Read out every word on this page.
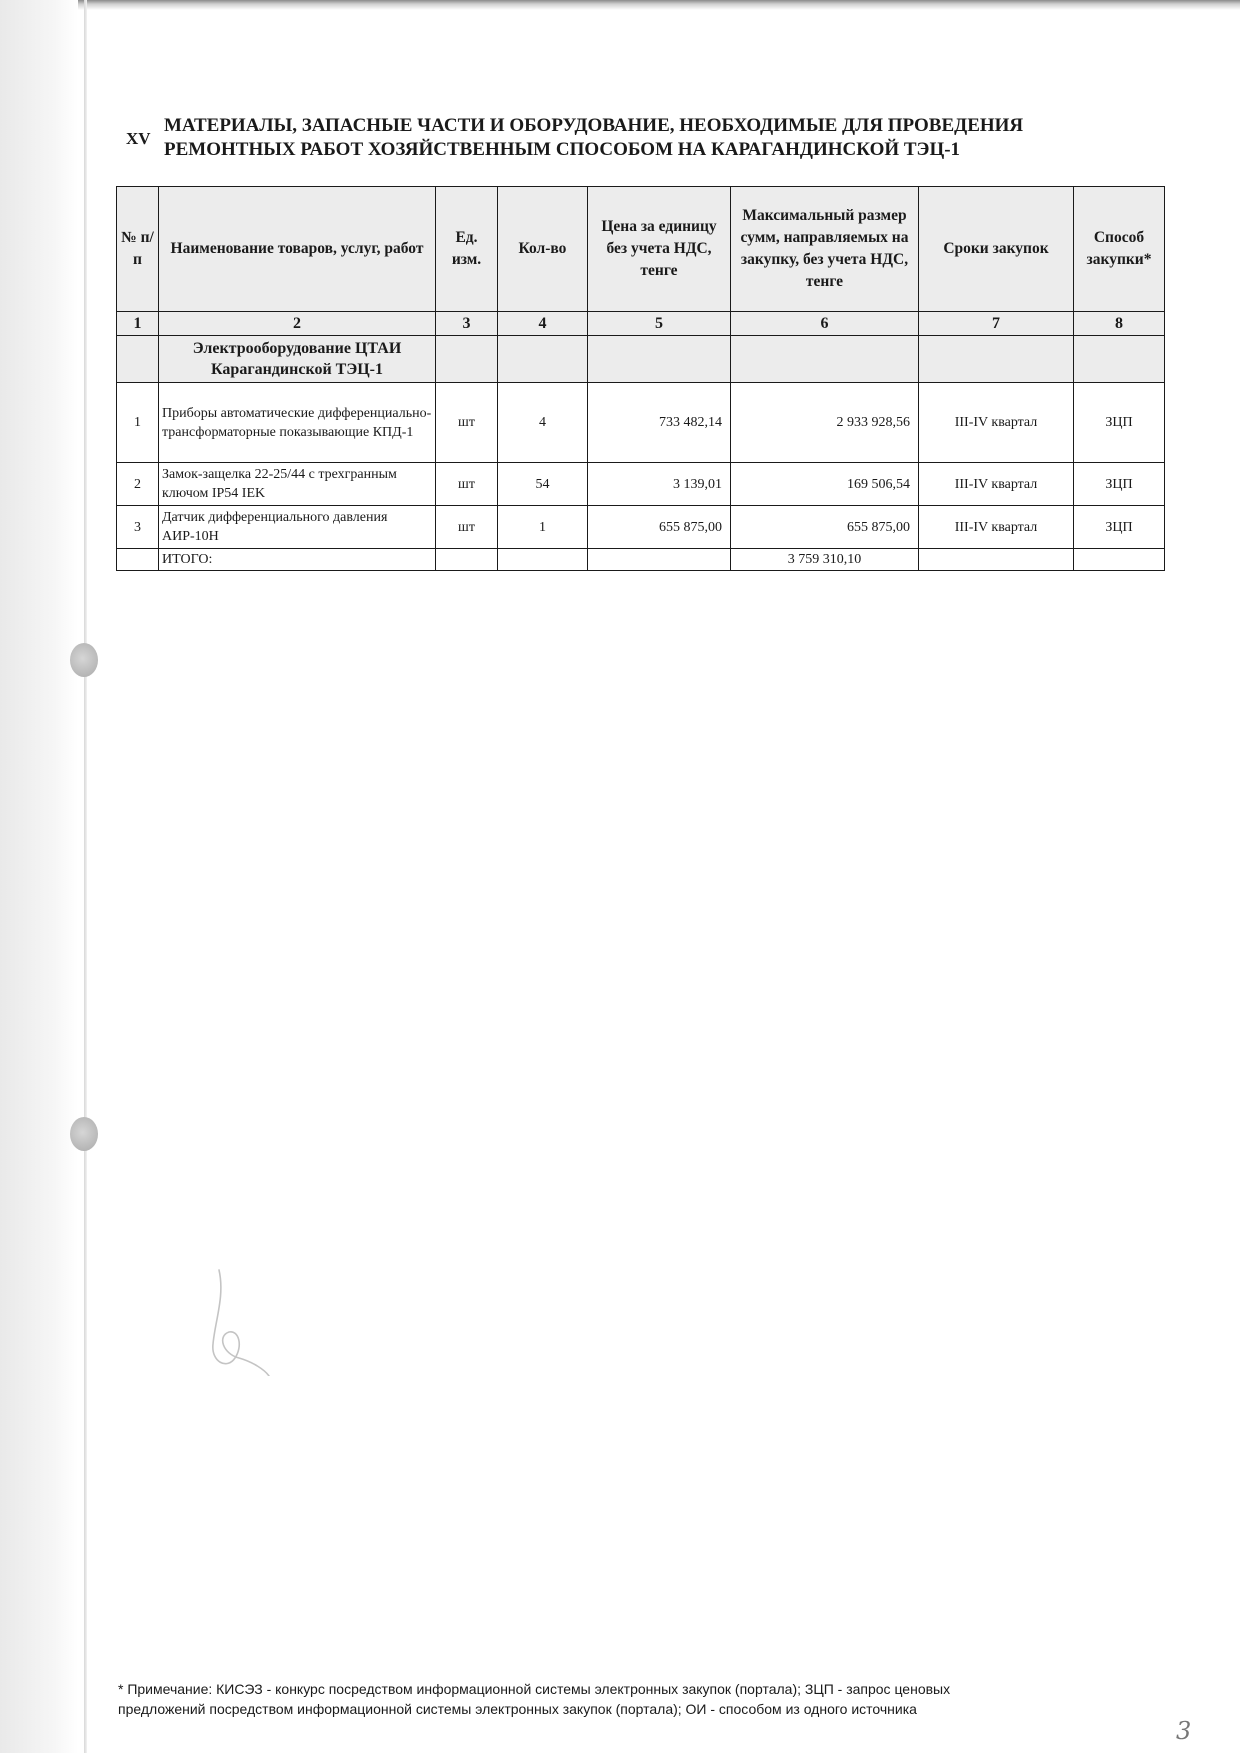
XV
МАТЕРИАЛЫ, ЗАПАСНЫЕ ЧАСТИ И ОБОРУДОВАНИЕ, НЕОБХОДИМЫЕ ДЛЯ ПРОВЕДЕНИЯ
РЕМОНТНЫХ РАБОТ ХОЗЯЙСТВЕННЫМ СПОСОБОМ НА КАРАГАНДИНСКОЙ ТЭЦ-1
№ п/п	Наименование товаров, услуг, работ	Ед. изм.	Кол-во	Цена за единицу без учета НДС, тенге	Максимальный размер сумм, направляемых на закупку, без учета НДС, тенге	Сроки закупок	Способ закупки*
1	2	3	4	5	6	7	8
	Электрооборудование ЦТАИ Карагандинской ТЭЦ-1						
1	Приборы автоматические дифференциально-трансформаторные показывающие КПД-1	шт	4	733 482,14	2 933 928,56	III-IV квартал	ЗЦП
2	Замок-защелка 22-25/44 с трехгранным ключом IP54 IEK	шт	54	3 139,01	169 506,54	III-IV квартал	ЗЦП
3	Датчик дифференциального давления АИР-10Н	шт	1	655 875,00	655 875,00	III-IV квартал	ЗЦП
	ИТОГО:				3 759 310,10		
* Примечание: КИСЭЗ - конкурс посредством информационной системы электронных закупок (портала); ЗЦП - запрос ценовых
предложений посредством информационной системы электронных закупок (портала); ОИ - способом из одного источника
3
